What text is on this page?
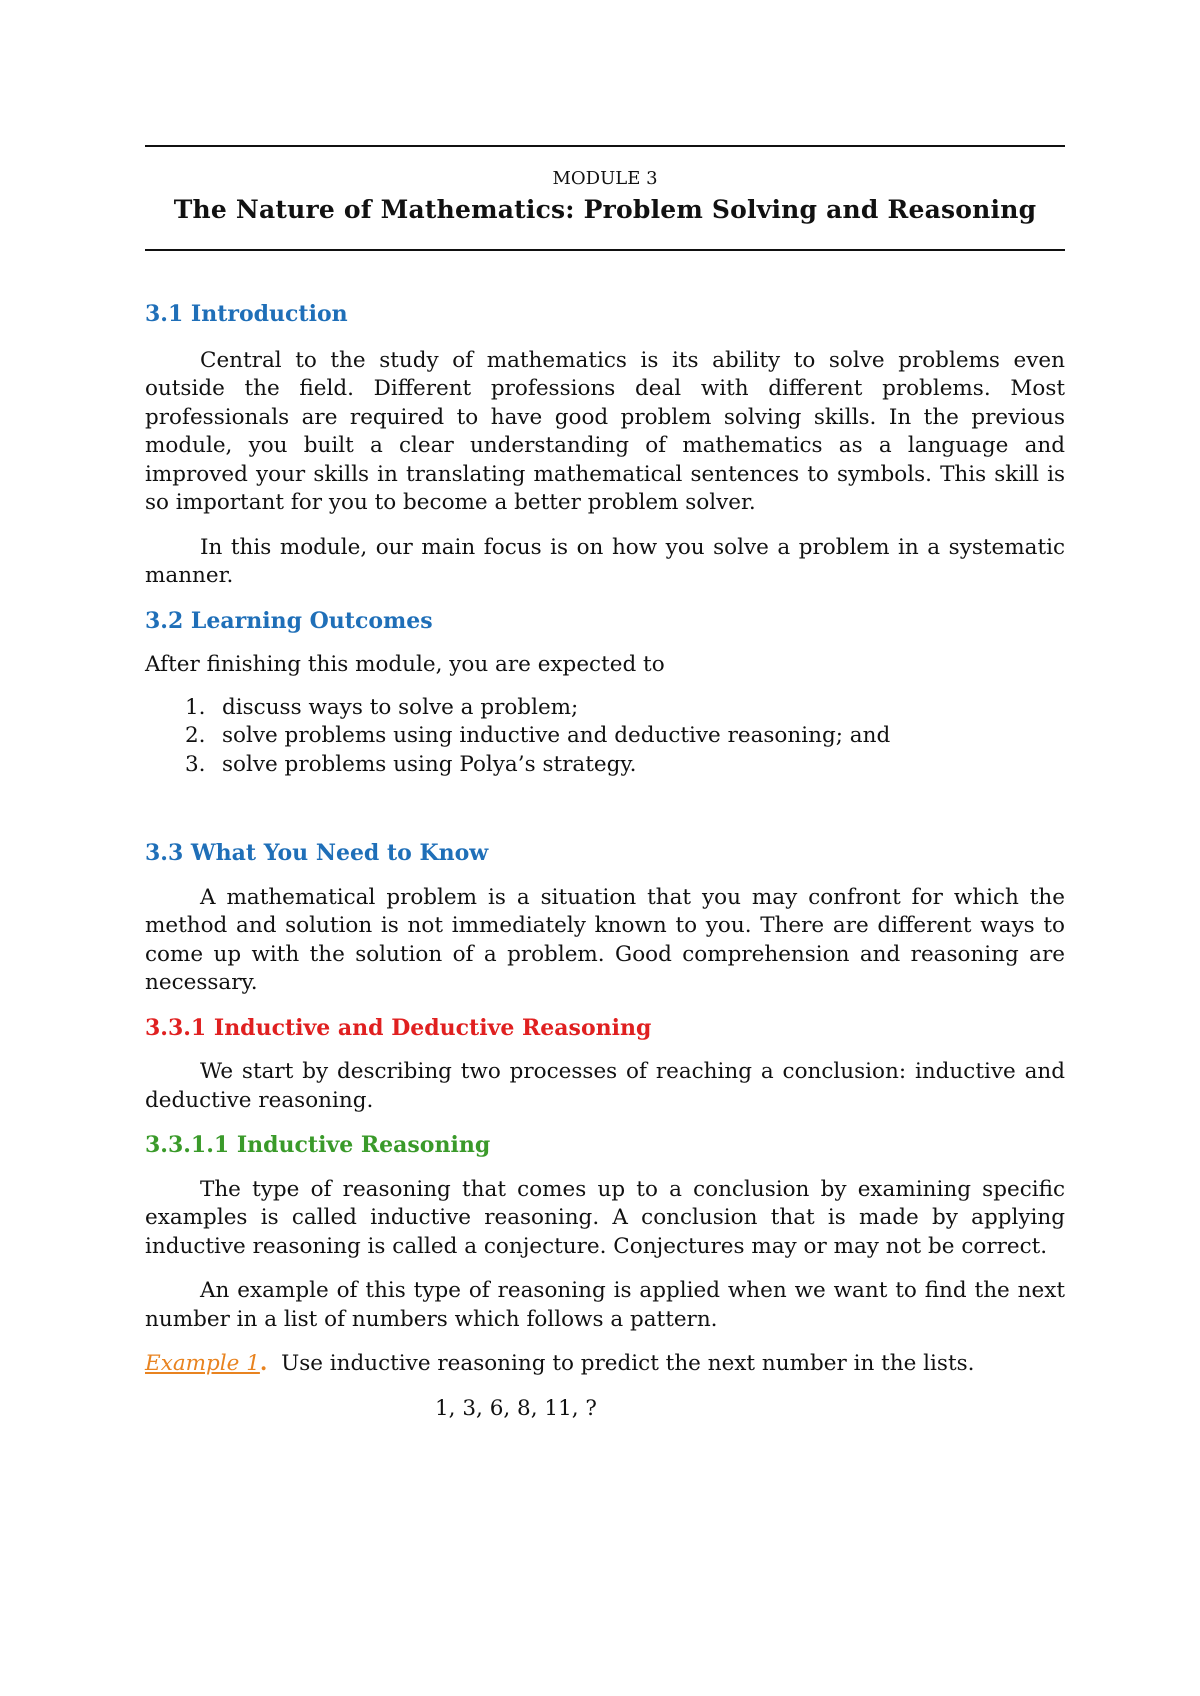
MODULE 3
The Nature of Mathematics: Problem Solving and Reasoning
3.1 Introduction

Central to the study of mathematics is its ability to solve problems even outside the field. Different professions deal with different problems. Most professionals are required to have good problem solving skills. In the previous module, you built a clear understanding of mathematics as a language and improved your skills in translating mathematical sentences to symbols. This skill is so important for you to become a better problem solver.

In this module, our main focus is on how you solve a problem in a systematic manner.

3.2 Learning Outcomes

After finishing this module, you are expected to

1. discuss ways to solve a problem;
2. solve problems using inductive and deductive reasoning; and
3. solve problems using Polya’s strategy.
3.3 What You Need to Know

A mathematical problem is a situation that you may confront for which the method and solution is not immediately known to you. There are different ways to come up with the solution of a problem. Good comprehension and reasoning are necessary.

3.3.1 Inductive and Deductive Reasoning

We start by describing two processes of reaching a conclusion: inductive and deductive reasoning.

3.3.1.1 Inductive Reasoning

The type of reasoning that comes up to a conclusion by examining specific examples is called inductive reasoning. A conclusion that is made by applying inductive reasoning is called a conjecture. Conjectures may or may not be correct.

An example of this type of reasoning is applied when we want to find the next number in a list of numbers which follows a pattern.

Example 1.  Use inductive reasoning to predict the next number in the lists.

1, 3, 6, 8, 11, ?
